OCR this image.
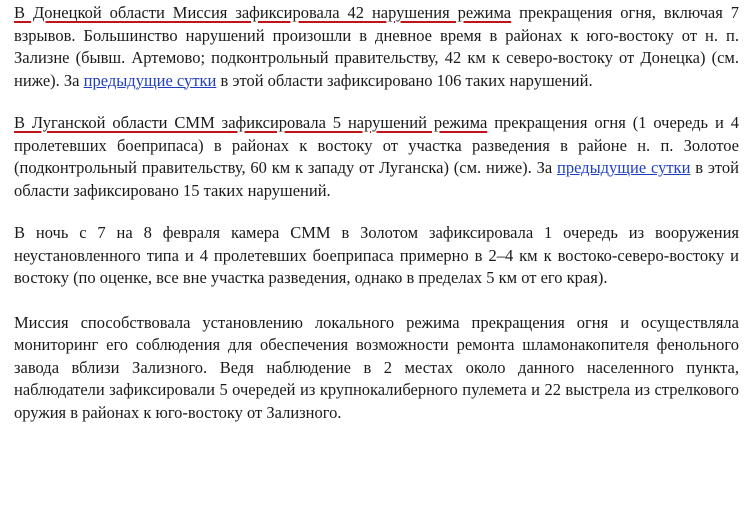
В Донецкой области Миссия зафиксировала 42 нарушения режима прекращения огня, включая 7 взрывов. Большинство нарушений произошли в дневное время в районах к юго-востоку от н. п. Зализне (бывш. Артемово; подконтрольный правительству, 42 км к северо-востоку от Донецка) (см. ниже). За предыдущие сутки в этой области зафиксировано 106 таких нарушений.

В Луганской области СММ зафиксировала 5 нарушений режима прекращения огня (1 очередь и 4 пролетевших боеприпаса) в районах к востоку от участка разведения в районе н. п. Золотое (подконтрольный правительству, 60 км к западу от Луганска) (см. ниже). За предыдущие сутки в этой области зафиксировано 15 таких нарушений.

В ночь с 7 на 8 февраля камера СММ в Золотом зафиксировала 1 очередь из вооружения неустановленного типа и 4 пролетевших боеприпаса примерно в 2–4 км к востоко-северо-востоку и востоку (по оценке, все вне участка разведения, однако в пределах 5 км от его края).

Миссия способствовала установлению локального режима прекращения огня и осуществляла мониторинг его соблюдения для обеспечения возможности ремонта шламонакопителя фенольного завода вблизи Зализного. Ведя наблюдение в 2 местах около данного населенного пункта, наблюдатели зафиксировали 5 очередей из крупнокалиберного пулемета и 22 выстрела из стрелкового оружия в районах к юго-востоку от Зализного.
